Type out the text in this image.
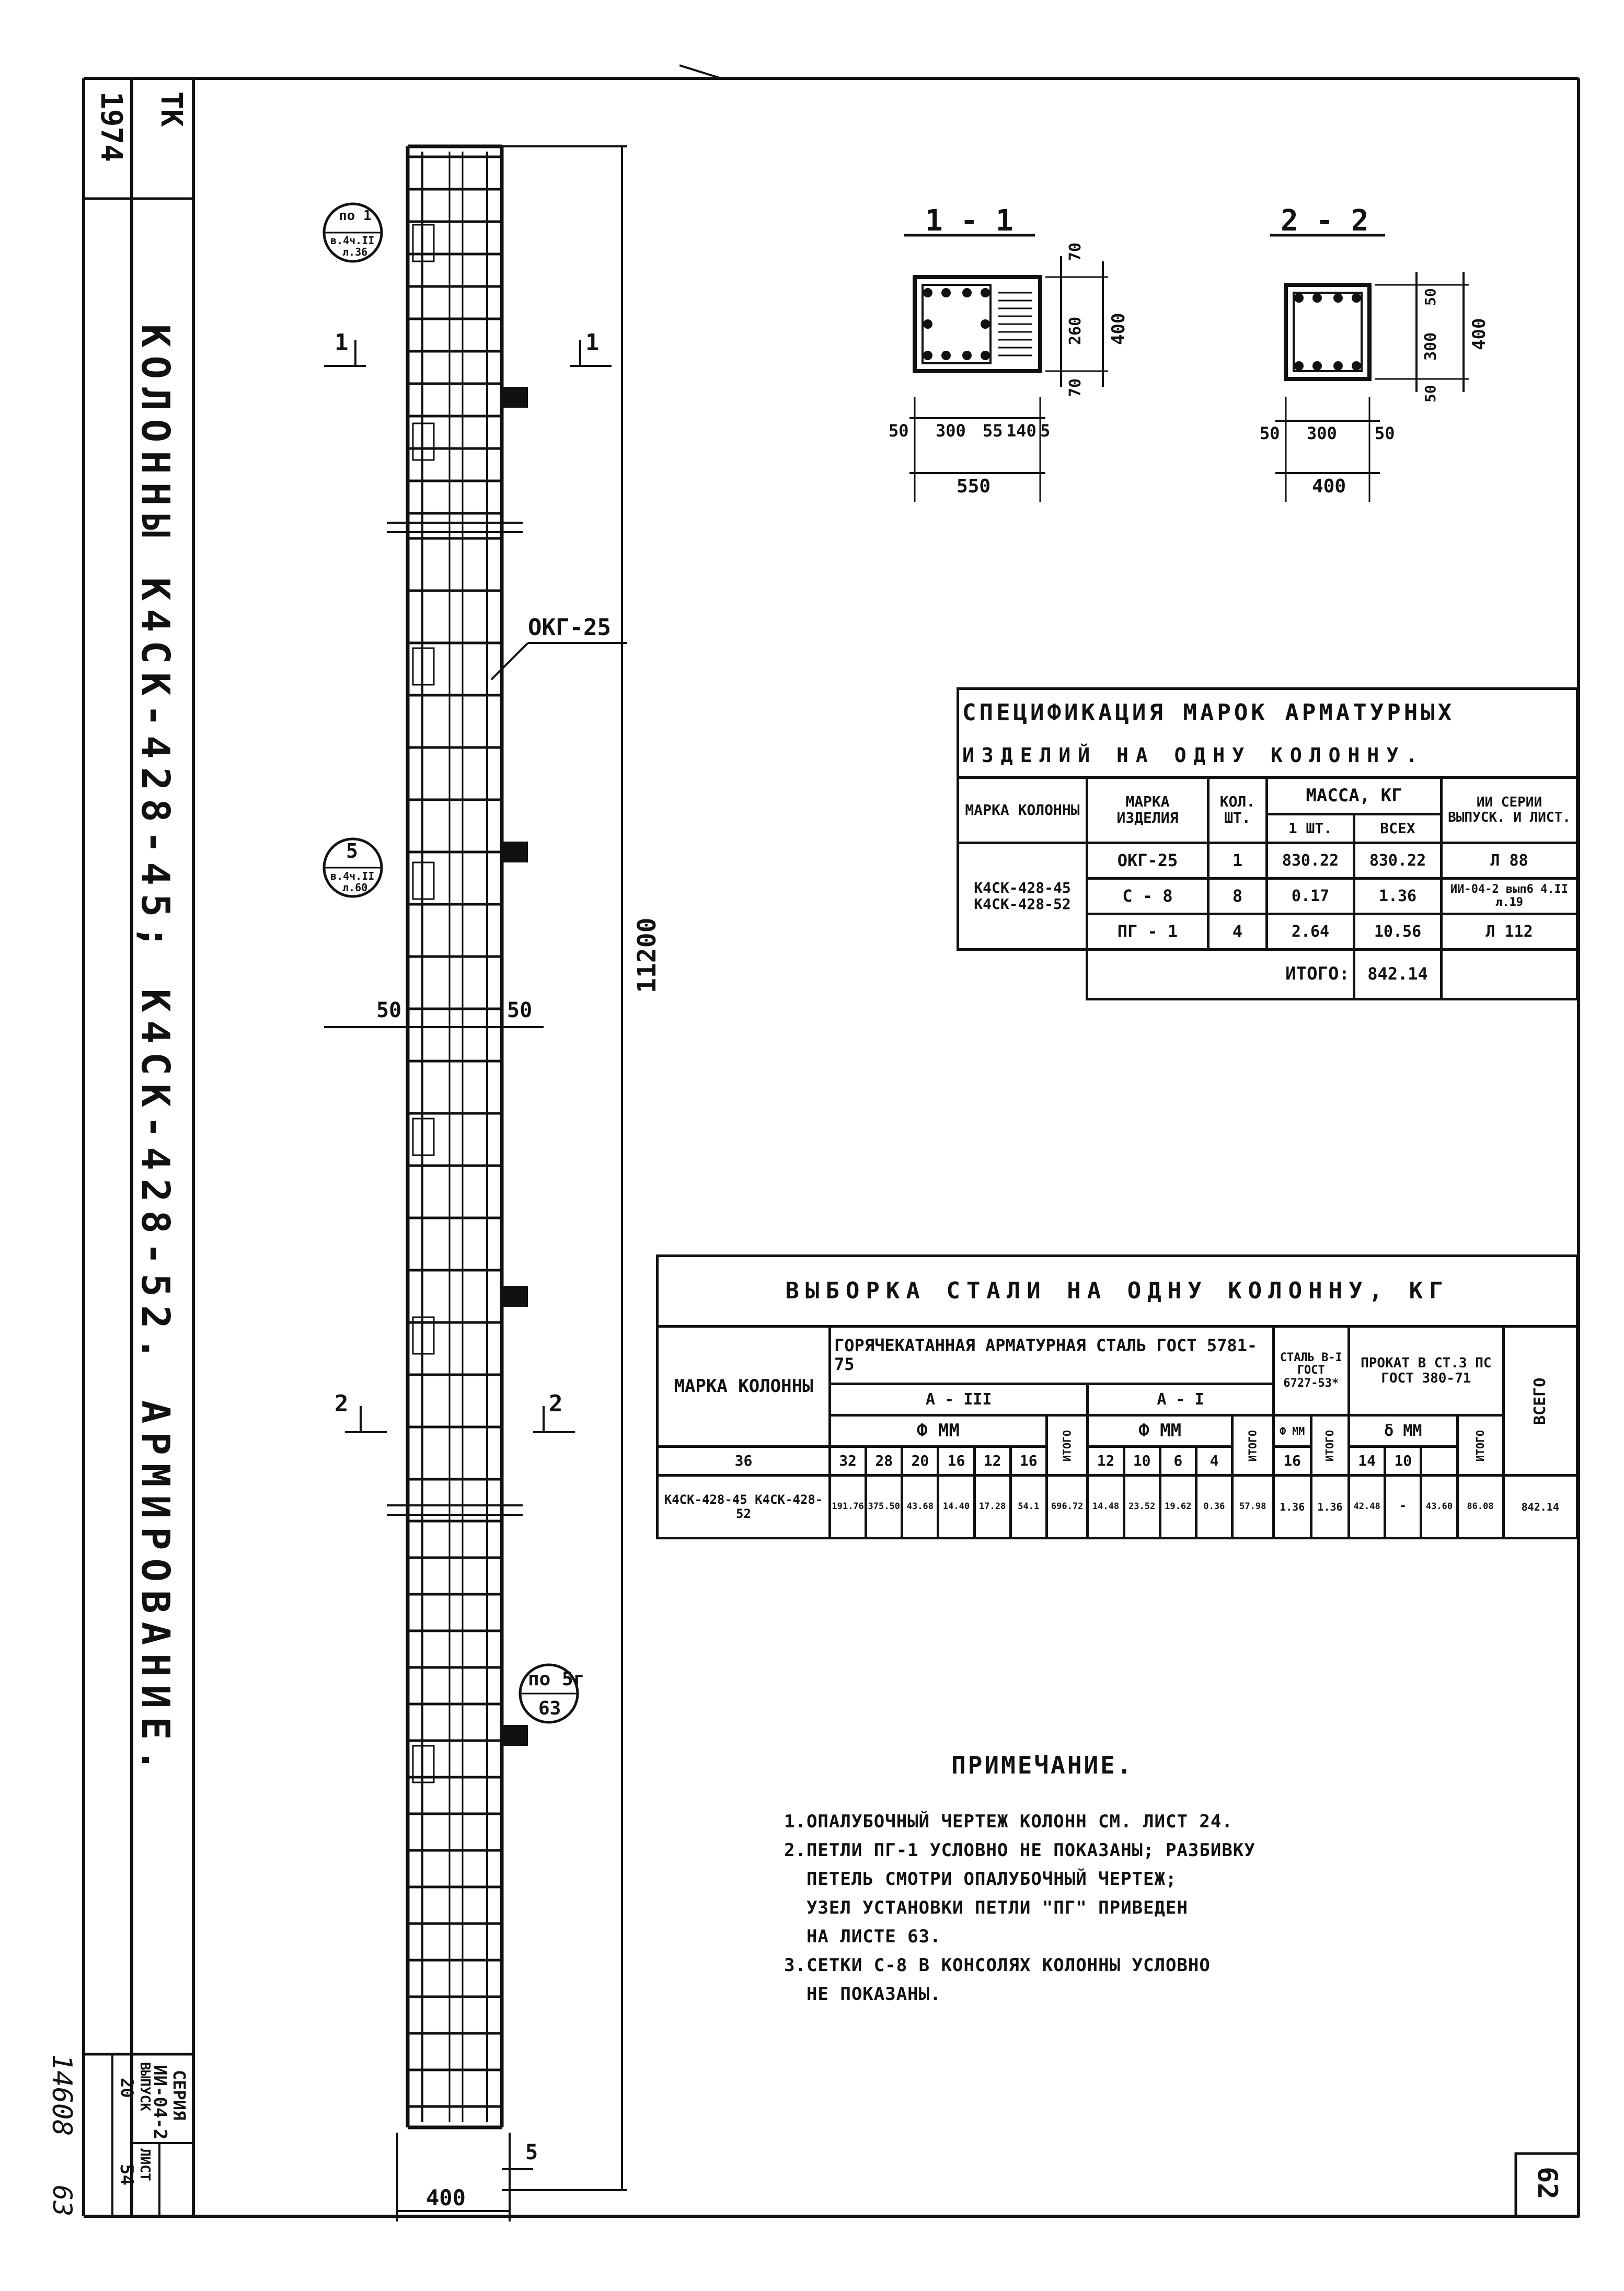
ТК
1974
КОЛОННЫ К4СК-428-45; К4СК-428-52. АРМИРОВАНИЕ.
СЕРИЯ
ИИ-04-2
ВЫПУСК
20
ЛИСТ
54
14608
63
по 1
в.4ч.II
л.36
5
в.4ч.II
л.60
по 5г
63
1	1
2	2
ОКГ-25
50	50
11200
400
5
1 - 1
50 300 55 140 5
550
70
260
70
400
2 - 2
50 300 50
400
50
300
50
400
СПЕЦИФИКАЦИЯ МАРОК АРМАТУРНЫХ					
ИЗДЕЛИЙ НА ОДНУ КОЛОННУ.					
МАРКА КОЛОННЫ	МАРКА ИЗДЕЛИЯ	КОЛ. ШТ.	МАССА, КГ		ИИ СЕРИИ ВЫПУСК. И ЛИСТ.
			1 ШТ.	ВСЕХ	
К4СК-428-45 К4СК-428-52	ОКГ-25	1	830.22	830.22	Л 88
	С - 8	8	0.17	1.36	ИИ-04-2 вып6 4.II л.19
	ПГ - 1	4	2.64	10.56	Л 112
	ИТОГО:			842.14	
ВЫБОРКА СТАЛИ НА ОДНУ КОЛОННУ, КГ																			
МАРКА КОЛОННЫ	ГОРЯЧЕКАТАННАЯ АРМАТУРНАЯ СТАЛЬ ГОСТ 5781-75												СТАЛЬ В-I ГОСТ 6727-53*		ПРОКАТ В СТ.3 ПС ГОСТ 380-71				ВСЕГО
	А - III							А - I											
	Ф ММ						ИТОГО	Ф ММ				ИТОГО	Ф ММ	ИТОГО	δ ММ			ИТОГО	
36	32	28	20	16	12	16		12	10	6	4		16		14	10			
К4СК-428-45 К4СК-428-52	191.76	375.50	43.68	14.40	17.28	54.1	696.72	14.48	23.52	19.62	0.36	57.98	1.36	1.36	42.48	-	43.60	86.08	842.14
ПРИМЕЧАНИЕ.
1.ОПАЛУБОЧНЫЙ ЧЕРТЕЖ КОЛОНН СМ. ЛИСТ 24.
2.ПЕТЛИ ПГ-1 УСЛОВНО НЕ ПОКАЗАНЫ; РАЗБИВКУ
ПЕТЕЛЬ СМОТРИ ОПАЛУБОЧНЫЙ ЧЕРТЕЖ;
УЗЕЛ УСТАНОВКИ ПЕТЛИ "ПГ" ПРИВЕДЕН
НА ЛИСТЕ 63.
3.СЕТКИ С-8 В КОНСОЛЯХ КОЛОННЫ УСЛОВНО
НЕ ПОКАЗАНЫ.
62
